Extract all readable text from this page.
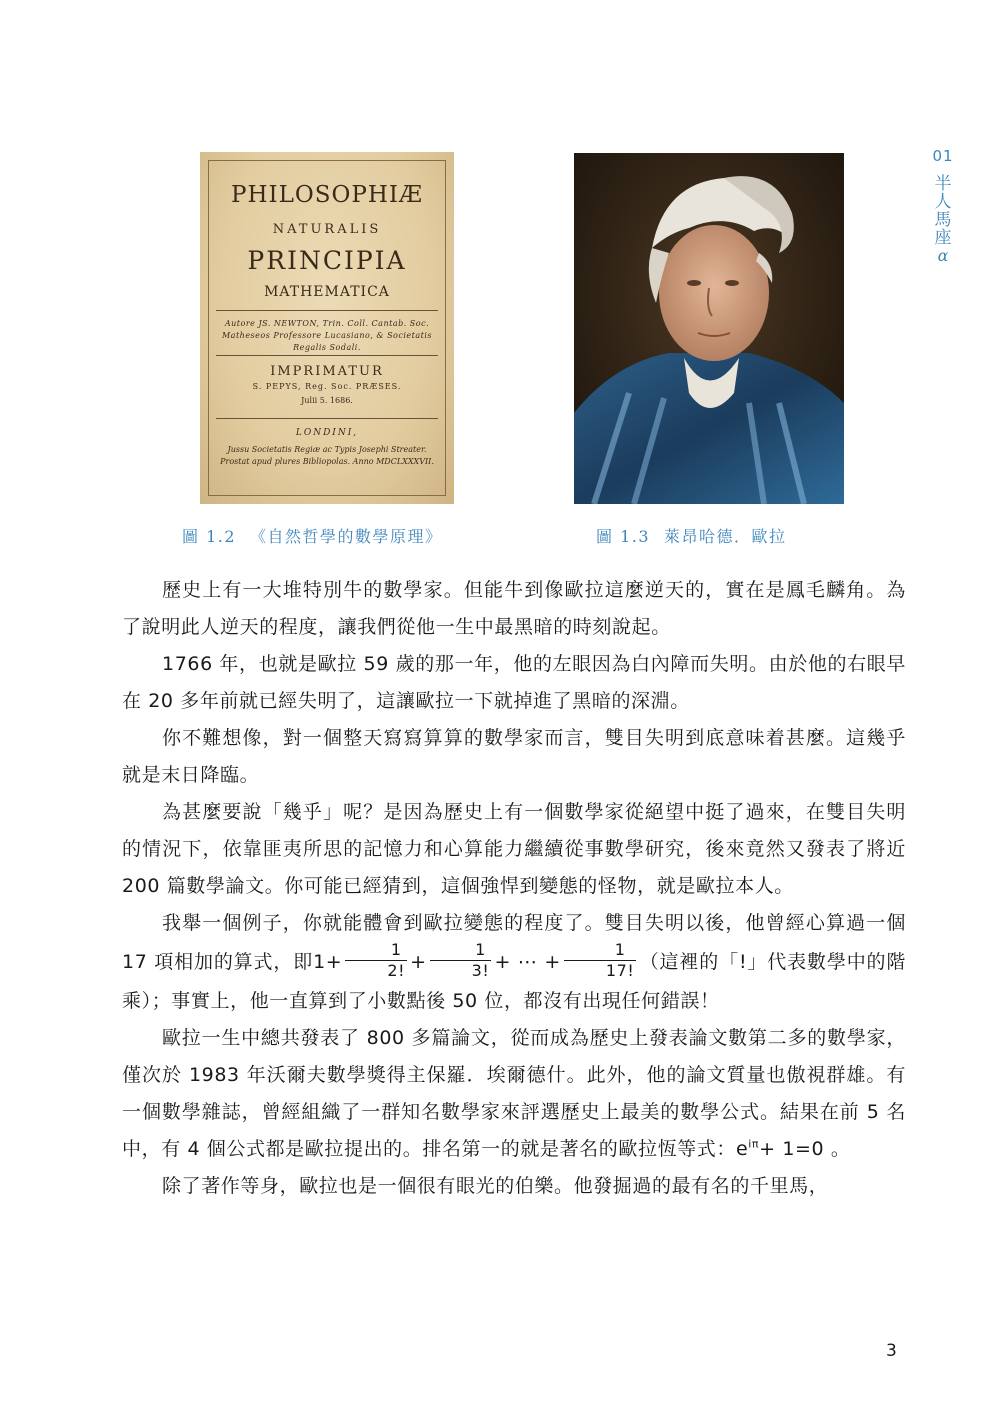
01
半
人
馬
座
α
PHILOSOPHIÆ
NATURALIS
PRINCIPIA
MATHEMATICA
Autore JS. NEWTON, Trin. Coll. Cantab. Soc. Matheseos Professore Lucasiano, & Societatis Regalis Sodali.
IMPRIMATUR
S. PEPYS, Reg. Soc. PRÆSES.
Julii 5. 1686.
LONDINI,
Jussu Societatis Regiæ ac Typis Josephi Streater. Prostat apud plures Bibliopolas. Anno MDCLXXXVII.
圖 1.2 《自然哲學的數學原理》	圖 1.3 萊昂哈德．歐拉

歷史上有一大堆特別牛的數學家。但能牛到像歐拉這麼逆天的，實在是鳳毛麟角。為了說明此人逆天的程度，讓我們從他一生中最黑暗的時刻說起。

1766 年，也就是歐拉 59 歲的那一年，他的左眼因為白內障而失明。由於他的右眼早在 20 多年前就已經失明了，這讓歐拉一下就掉進了黑暗的深淵。

你不難想像，對一個整天寫寫算算的數學家而言，雙目失明到底意味着甚麼。這幾乎就是末日降臨。

為甚麼要說「幾乎」呢？是因為歷史上有一個數學家從絕望中挺了過來，在雙目失明的情況下，依靠匪夷所思的記憶力和心算能力繼續從事數學研究，後來竟然又發表了將近 200 篇數學論文。你可能已經猜到，這個強悍到變態的怪物，就是歐拉本人。

我舉一個例子，你就能體會到歐拉變態的程度了。雙目失明以後，他曾經心算過一個 17 項相加的算式，即$1+ \frac{1}{2!} + \frac{1}{3!}$ + ⋯ + $\frac{1}{17!}$ （這裡的「!」代表數學中的階乘）；事實上，他一直算到了小數點後 50 位，都沒有出現任何錯誤！

歐拉一生中總共發表了 800 多篇論文，從而成為歷史上發表論文數第二多的數學家，僅次於 1983 年沃爾夫數學獎得主保羅．埃爾德什。此外，他的論文質量也傲視群雄。有一個數學雜誌，曾經組織了一群知名數學家來評選歷史上最美的數學公式。結果在前 5 名中，有 4 個公式都是歐拉提出的。排名第一的就是著名的歐拉恆等式：$e^{i\pi}+ 1=0$ 。

除了著作等身，歐拉也是一個很有眼光的伯樂。他發掘過的最有名的千里馬，

3
